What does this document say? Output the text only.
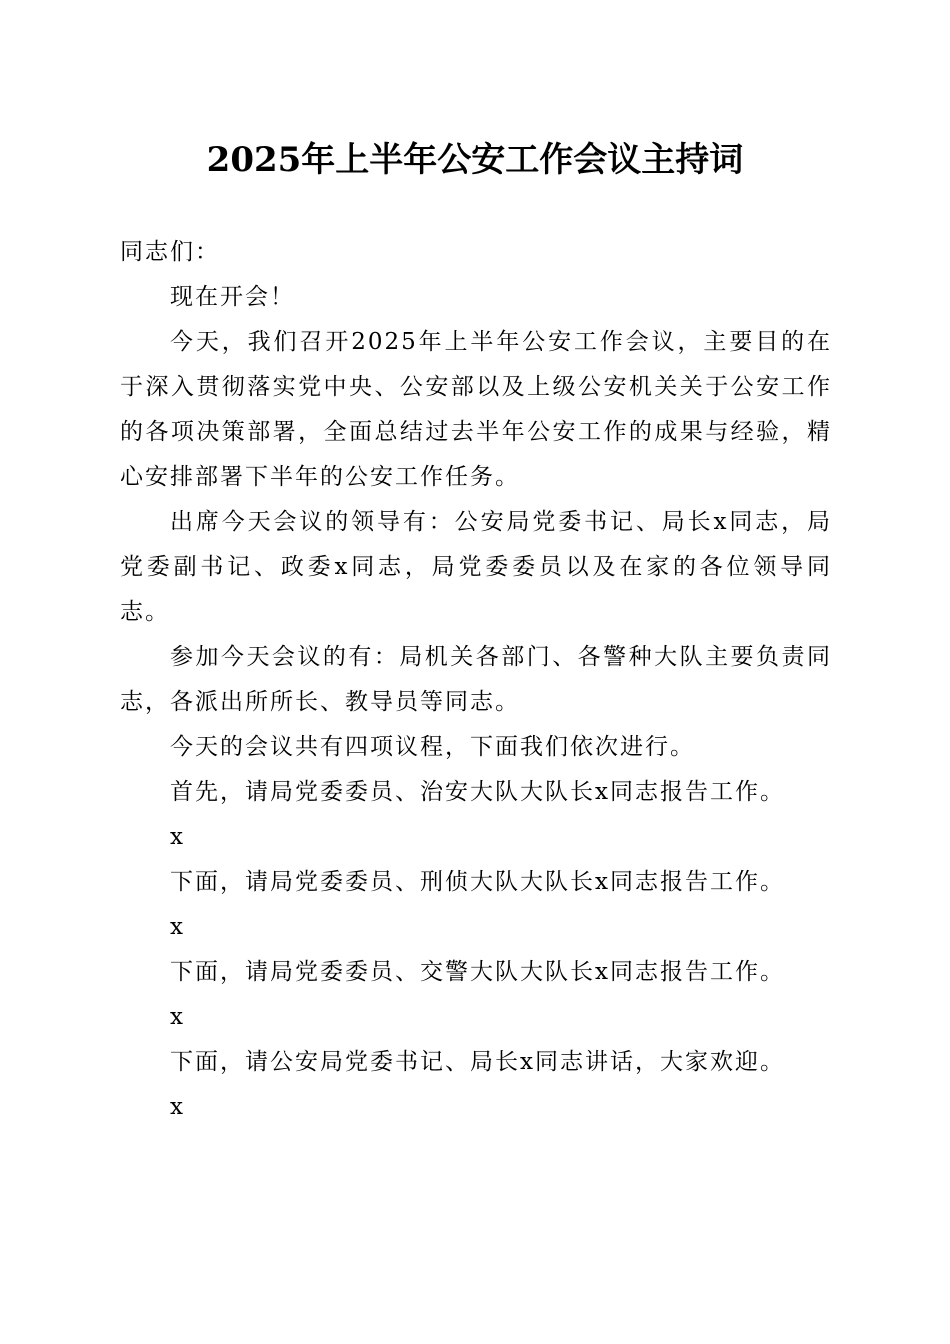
2025年上半年公安工作会议主持词

同志们：

现在开会！

今天，我们召开2025年上半年公安工作会议，主要目的在于深入贯彻落实党中央、公安部以及上级公安机关关于公安工作的各项决策部署，全面总结过去半年公安工作的成果与经验，精心安排部署下半年的公安工作任务。

出席今天会议的领导有：公安局党委书记、局长x同志，局党委副书记、政委x同志，局党委委员以及在家的各位领导同志。

参加今天会议的有：局机关各部门、各警种大队主要负责同志，各派出所所长、教导员等同志。

今天的会议共有四项议程，下面我们依次进行。

首先，请局党委委员、治安大队大队长x同志报告工作。

x

下面，请局党委委员、刑侦大队大队长x同志报告工作。

x

下面，请局党委委员、交警大队大队长x同志报告工作。

x

下面，请公安局党委书记、局长x同志讲话，大家欢迎。

x
